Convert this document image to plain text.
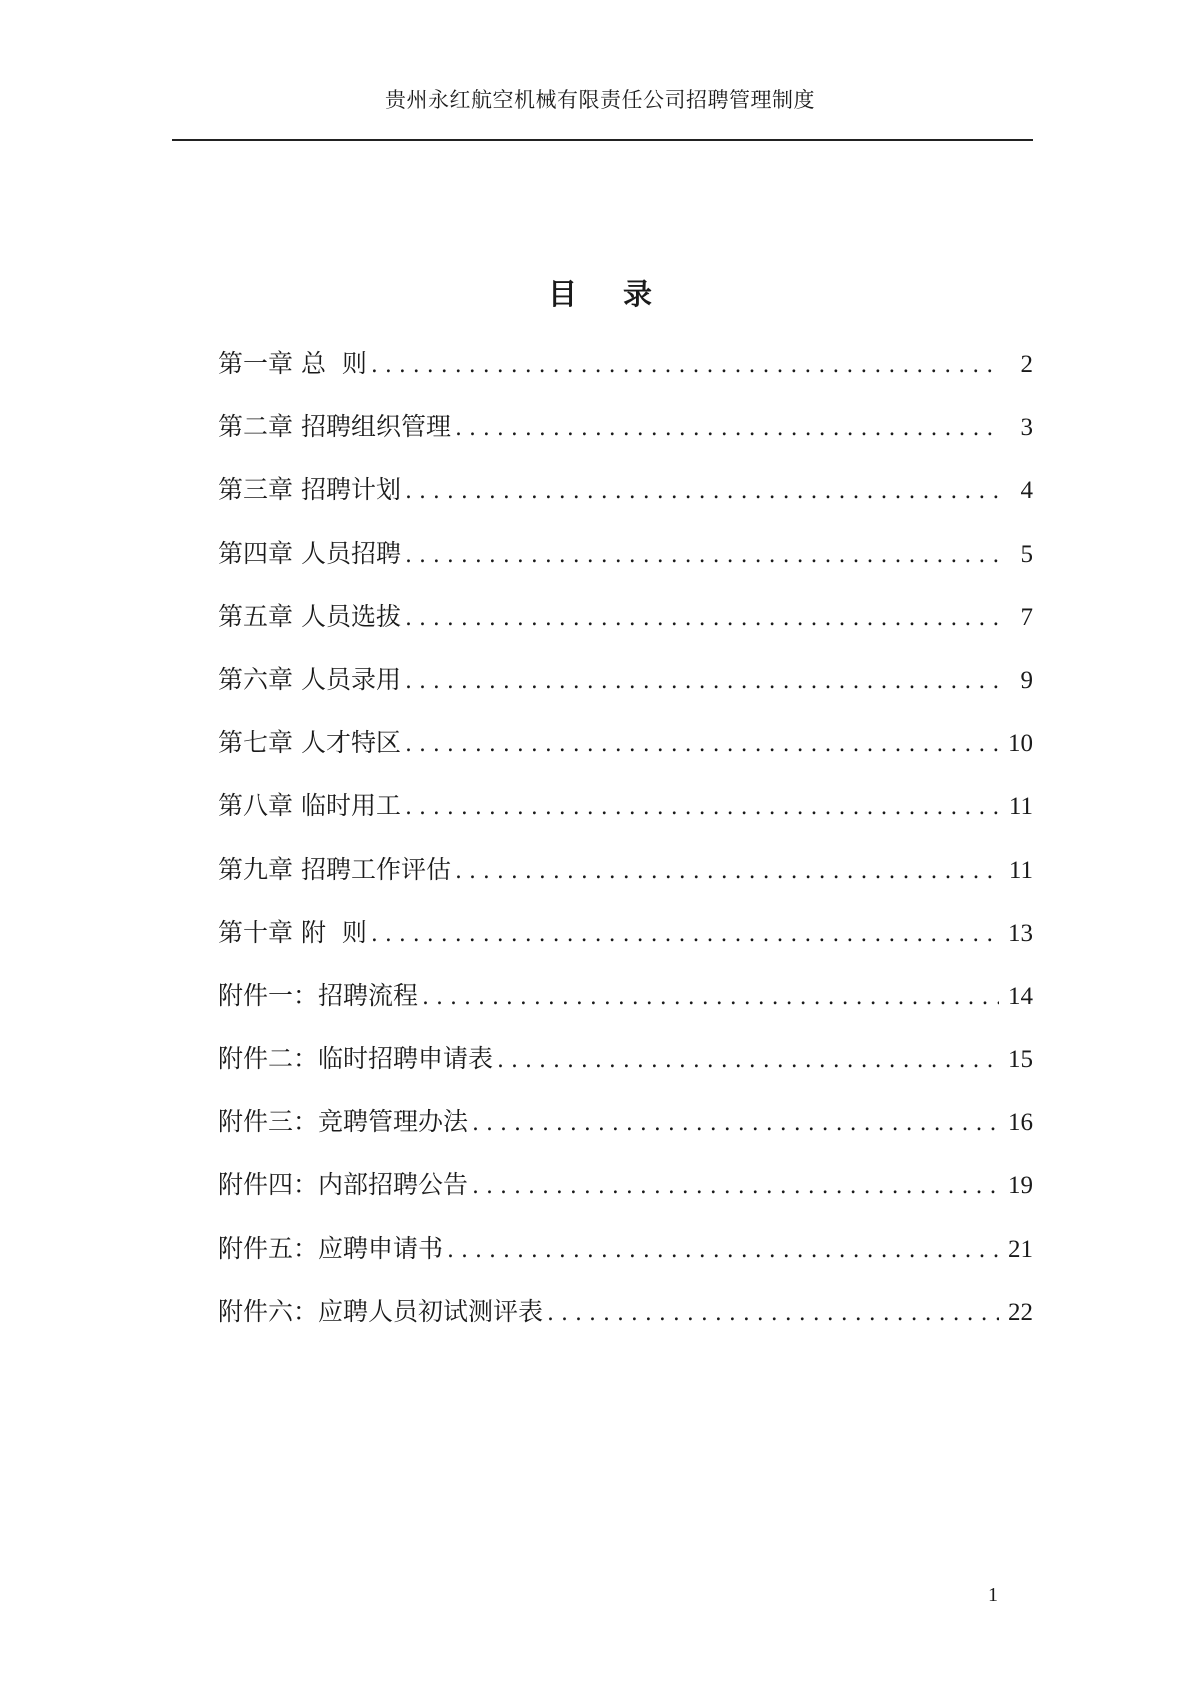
贵州永红航空机械有限责任公司招聘管理制度
目 录
第一章 总  则 . . .	2
第二章 招聘组织管理 . . .	3
第三章 招聘计划 . . .	4
第四章 人员招聘 . . .	5
第五章 人员选拔 . . .	7
第六章 人员录用 . . .	9
第七章 人才特区 . . .	10
第八章 临时用工 . . .	11
第九章 招聘工作评估 . . .	11
第十章 附  则 . . .	13
附件一：招聘流程 . . .	14
附件二：临时招聘申请表 . . .	15
附件三：竞聘管理办法 . . .	16
附件四：内部招聘公告 . . .	19
附件五：应聘申请书 . . .	21
附件六：应聘人员初试测评表 . . .	22
1
